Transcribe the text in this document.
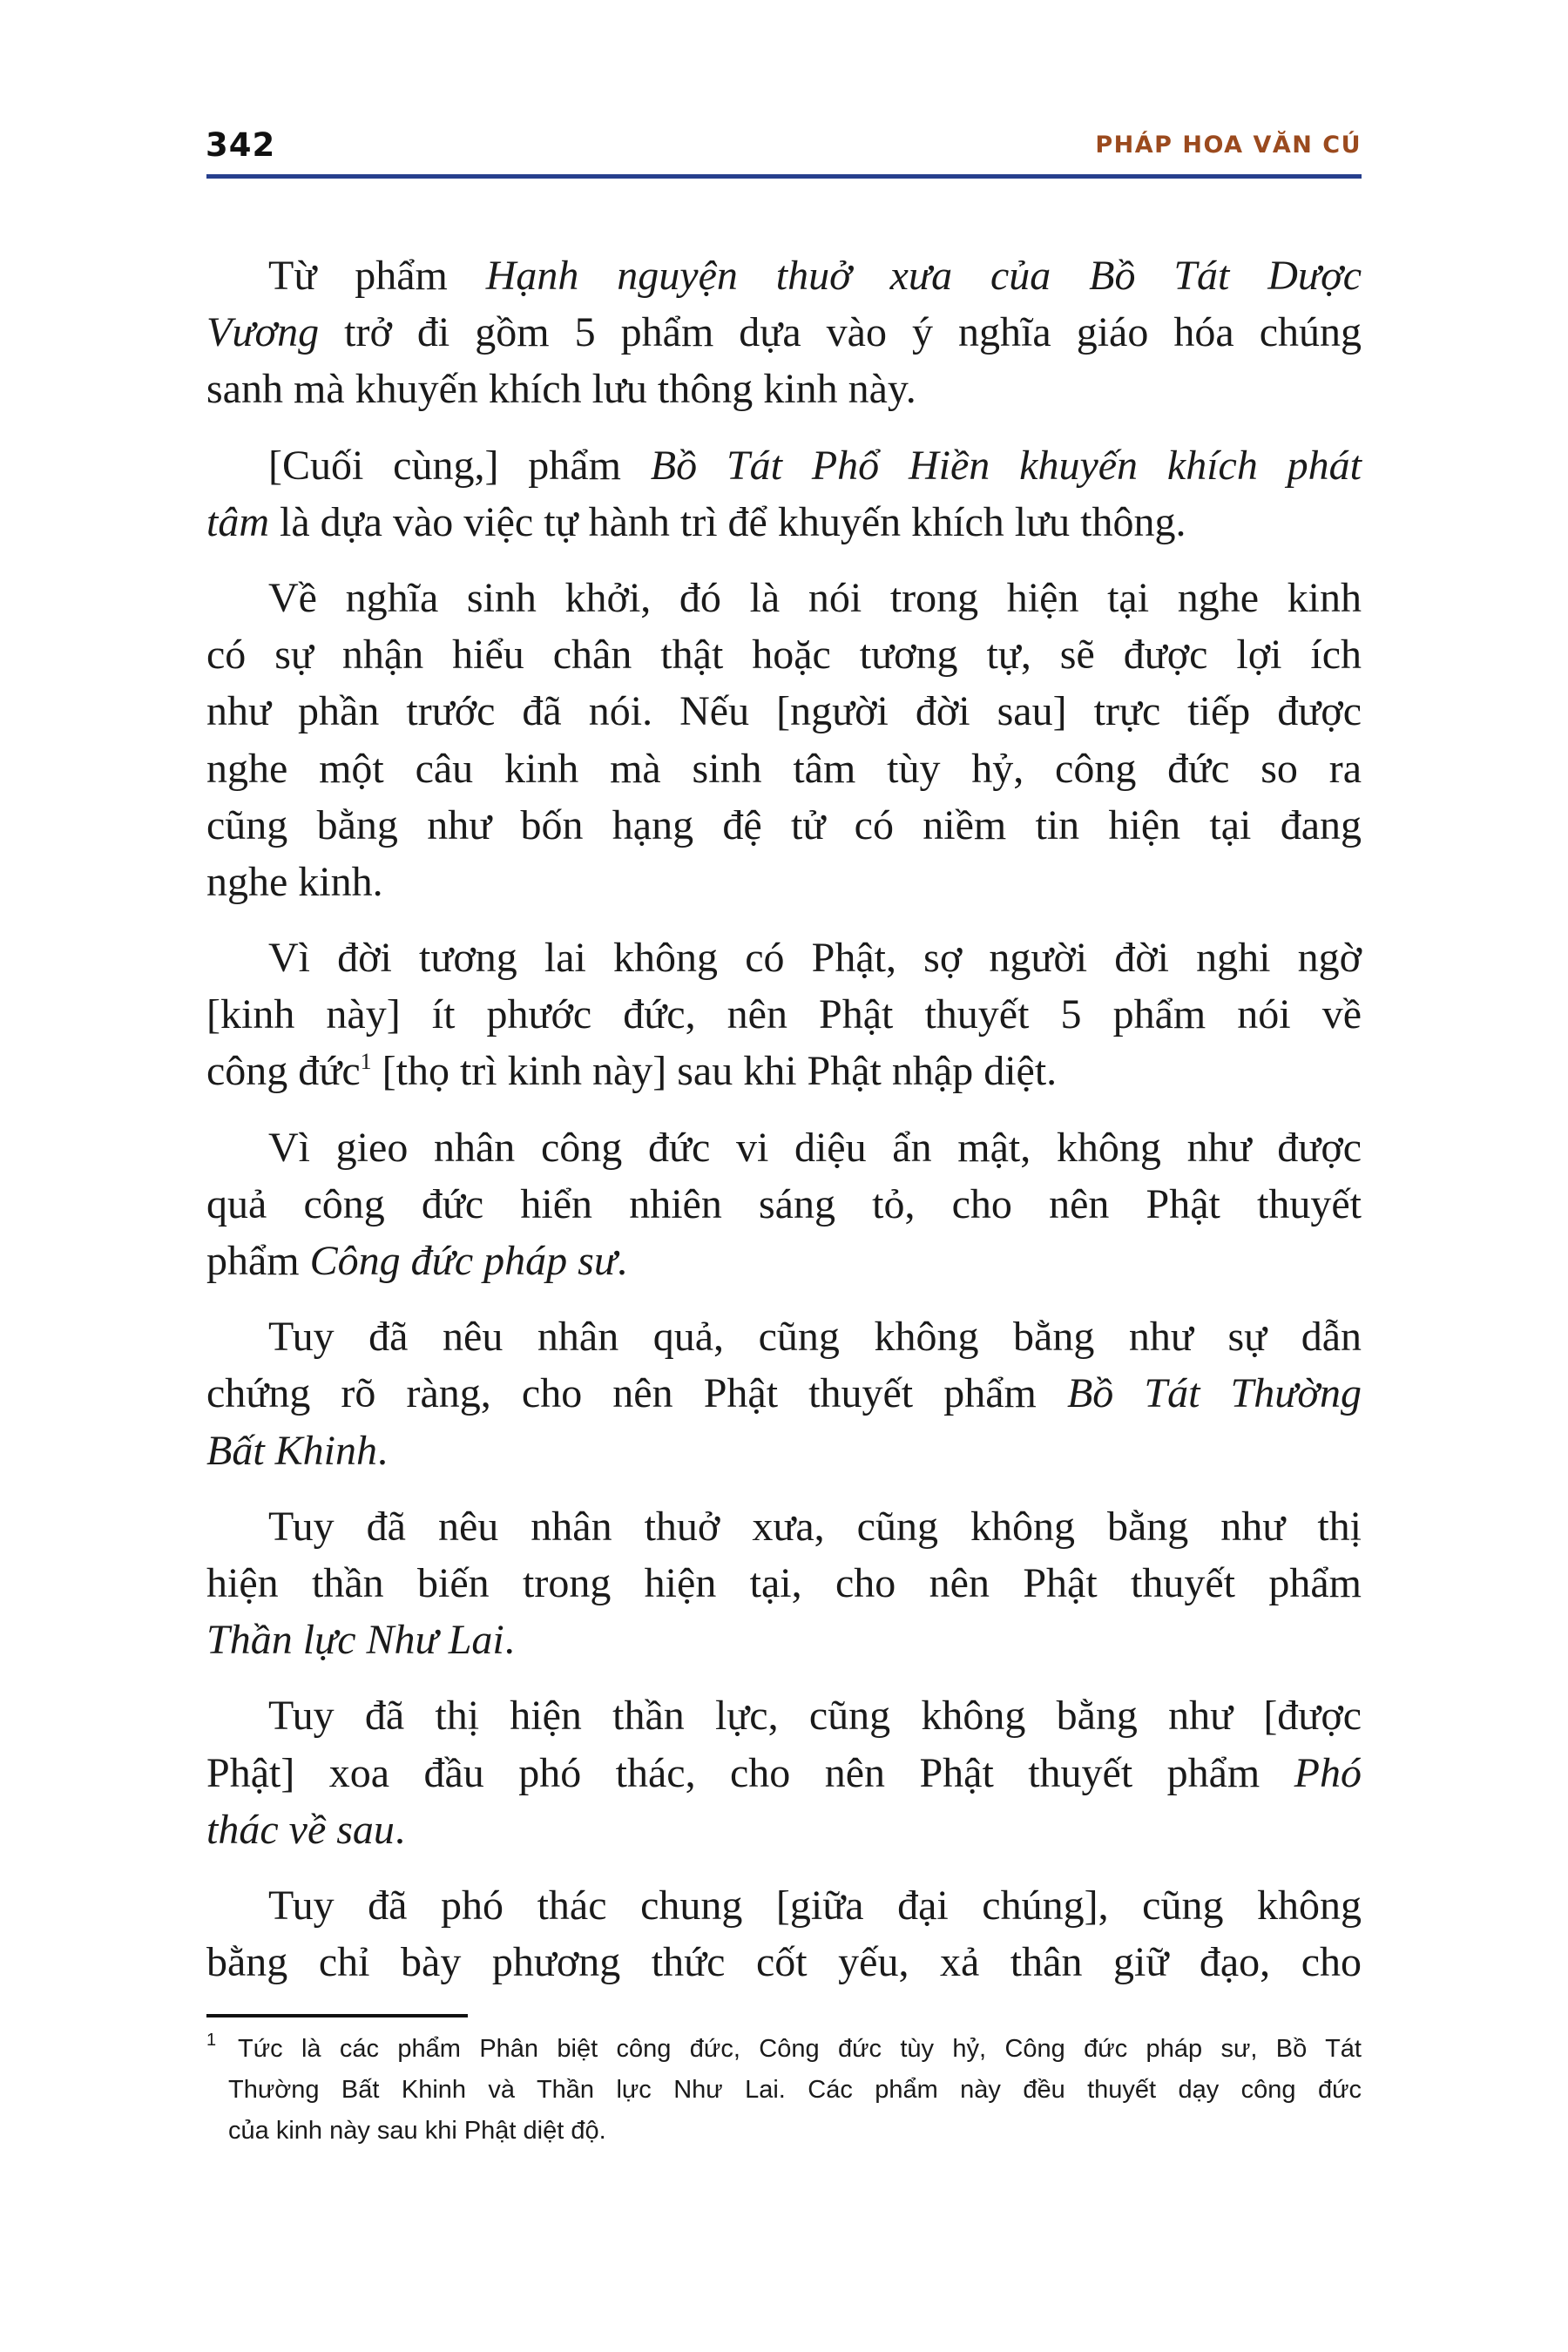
342	PHÁP HOA VĂN CÚ
Từ phẩm Hạnh nguyện thuở xưa của Bồ Tát Dược
Vương trở đi gồm 5 phẩm dựa vào ý nghĩa giáo hóa chúng
sanh mà khuyến khích lưu thông kinh này.
[Cuối cùng,] phẩm Bồ Tát Phổ Hiền khuyến khích phát
tâm là dựa vào việc tự hành trì để khuyến khích lưu thông.
Về nghĩa sinh khởi, đó là nói trong hiện tại nghe kinh
có sự nhận hiểu chân thật hoặc tương tự, sẽ được lợi ích
như phần trước đã nói. Nếu [người đời sau] trực tiếp được
nghe một câu kinh mà sinh tâm tùy hỷ, công đức so ra
cũng bằng như bốn hạng đệ tử có niềm tin hiện tại đang
nghe kinh.
Vì đời tương lai không có Phật, sợ người đời nghi ngờ
[kinh này] ít phước đức, nên Phật thuyết 5 phẩm nói về
công đức$^1$ [thọ trì kinh này] sau khi Phật nhập diệt.
Vì gieo nhân công đức vi diệu ẩn mật, không như được
quả công đức hiển nhiên sáng tỏ, cho nên Phật thuyết
phẩm Công đức pháp sư.
Tuy đã nêu nhân quả, cũng không bằng như sự dẫn
chứng rõ ràng, cho nên Phật thuyết phẩm Bồ Tát Thường
Bất Khinh.
Tuy đã nêu nhân thuở xưa, cũng không bằng như thị
hiện thần biến trong hiện tại, cho nên Phật thuyết phẩm
Thần lực Như Lai.
Tuy đã thị hiện thần lực, cũng không bằng như [được
Phật] xoa đầu phó thác, cho nên Phật thuyết phẩm Phó
thác về sau.
Tuy đã phó thác chung [giữa đại chúng], cũng không
bằng chỉ bày phương thức cốt yếu, xả thân giữ đạo, cho
1 Tức là các phẩm Phân biệt công đức, Công đức tùy hỷ, Công đức pháp sư, Bồ Tát
Thường Bất Khinh và Thần lực Như Lai. Các phẩm này đều thuyết dạy công đức
của kinh này sau khi Phật diệt độ.
